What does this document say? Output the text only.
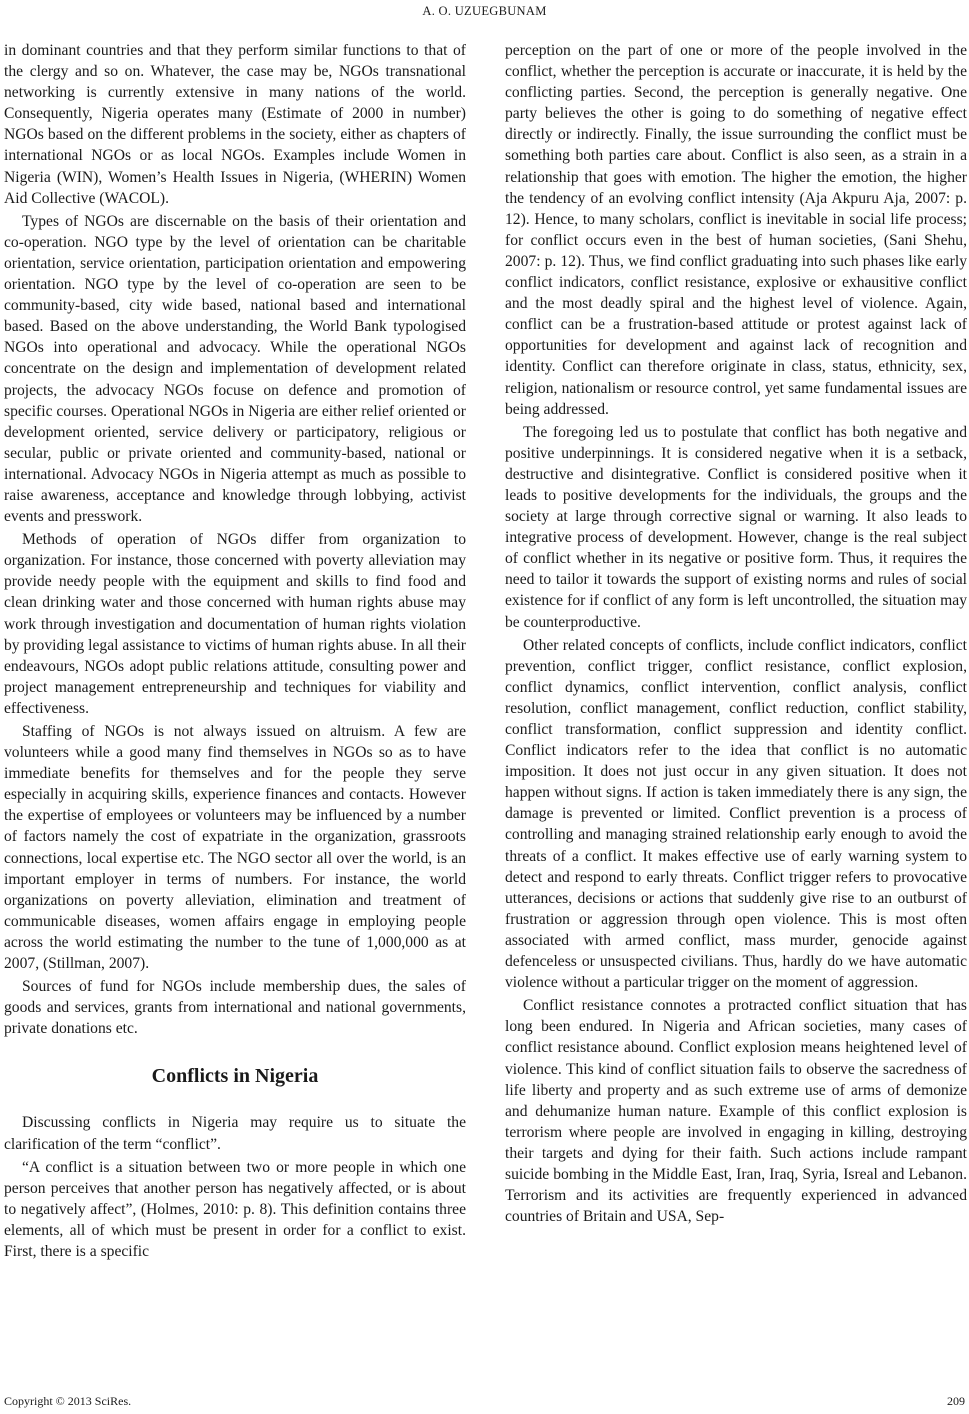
A. O. UZUEGBUNAM

in dominant countries and that they perform similar functions to that of the clergy and so on. Whatever, the case may be, NGOs transnational networking is currently extensive in many nations of the world. Consequently, Nigeria operates many (Estimate of 2000 in number) NGOs based on the different problems in the society, either as chapters of international NGOs or as local NGOs. Examples include Women in Nigeria (WIN), Women’s Health Issues in Nigeria, (WHERIN) Women Aid Collective (WACOL).

Types of NGOs are discernable on the basis of their orientation and co-operation. NGO type by the level of orientation can be charitable orientation, service orientation, participation orientation and empowering orientation. NGO type by the level of co-operation are seen to be community-based, city wide based, national based and international based. Based on the above understanding, the World Bank typologised NGOs into operational and advocacy. While the operational NGOs concentrate on the design and implementation of development related projects, the advocacy NGOs focuse on defence and promotion of specific courses. Operational NGOs in Nigeria are either relief oriented or development oriented, service delivery or participatory, religious or secular, public or private oriented and community-based, national or international. Advocacy NGOs in Nigeria attempt as much as possible to raise awareness, acceptance and knowledge through lobbying, activist events and presswork.

Methods of operation of NGOs differ from organization to organization. For instance, those concerned with poverty alleviation may provide needy people with the equipment and skills to find food and clean drinking water and those concerned with human rights abuse may work through investigation and documentation of human rights violation by providing legal assistance to victims of human rights abuse. In all their endeavours, NGOs adopt public relations attitude, consulting power and project management entrepreneurship and techniques for viability and effectiveness.

Staffing of NGOs is not always issued on altruism. A few are volunteers while a good many find themselves in NGOs so as to have immediate benefits for themselves and for the people they serve especially in acquiring skills, experience finances and contacts. However the expertise of employees or volunteers may be influenced by a number of factors namely the cost of expatriate in the organization, grassroots connections, local expertise etc. The NGO sector all over the world, is an important employer in terms of numbers. For instance, the world organizations on poverty alleviation, elimination and treatment of communicable diseases, women affairs engage in employing people across the world estimating the number to the tune of 1,000,000 as at 2007, (Stillman, 2007).

Sources of fund for NGOs include membership dues, the sales of goods and services, grants from international and national governments, private donations etc.

Conflicts in Nigeria

Discussing conflicts in Nigeria may require us to situate the clarification of the term “conflict”.

“A conflict is a situation between two or more people in which one person perceives that another person has negatively affected, or is about to negatively affect”, (Holmes, 2010: p. 8). This definition contains three elements, all of which must be present in order for a conflict to exist. First, there is a specific

perception on the part of one or more of the people involved in the conflict, whether the perception is accurate or inaccurate, it is held by the conflicting parties. Second, the perception is generally negative. One party believes the other is going to do something of negative effect directly or indirectly. Finally, the issue surrounding the conflict must be something both parties care about. Conflict is also seen, as a strain in a relationship that goes with emotion. The higher the emotion, the higher the tendency of an evolving conflict intensity (Aja Akpuru Aja, 2007: p. 12). Hence, to many scholars, conflict is inevitable in social life process; for conflict occurs even in the best of human societies, (Sani Shehu, 2007: p. 12). Thus, we find conflict graduating into such phases like early conflict indicators, conflict resistance, explosive or exhausitive conflict and the most deadly spiral and the highest level of violence. Again, conflict can be a frustration-based attitude or protest against lack of opportunities for development and against lack of recognition and identity. Conflict can therefore originate in class, status, ethnicity, sex, religion, nationalism or resource control, yet same fundamental issues are being addressed.

The foregoing led us to postulate that conflict has both negative and positive underpinnings. It is considered negative when it is a setback, destructive and disintegrative. Conflict is considered positive when it leads to positive developments for the individuals, the groups and the society at large through corrective signal or warning. It also leads to integrative process of development. However, change is the real subject of conflict whether in its negative or positive form. Thus, it requires the need to tailor it towards the support of existing norms and rules of social existence for if conflict of any form is left uncontrolled, the situation may be counterproductive.

Other related concepts of conflicts, include conflict indicators, conflict prevention, conflict trigger, conflict resistance, conflict explosion, conflict dynamics, conflict intervention, conflict analysis, conflict resolution, conflict management, conflict reduction, conflict stability, conflict transformation, conflict suppression and identity conflict. Conflict indicators refer to the idea that conflict is no automatic imposition. It does not just occur in any given situation. It does not happen without signs. If action is taken immediately there is any sign, the damage is prevented or limited. Conflict prevention is a process of controlling and managing strained relationship early enough to avoid the threats of a conflict. It makes effective use of early warning system to detect and respond to early threats. Conflict trigger refers to provocative utterances, decisions or actions that suddenly give rise to an outburst of frustration or aggression through open violence. This is most often associated with armed conflict, mass murder, genocide against defenceless or unsuspected civilians. Thus, hardly do we have automatic violence without a particular trigger on the moment of aggression.

Conflict resistance connotes a protracted conflict situation that has long been endured. In Nigeria and African societies, many cases of conflict resistance abound. Conflict explosion means heightened level of violence. This kind of conflict situation fails to observe the sacredness of life liberty and property and as such extreme use of arms of demonize and dehumanize human nature. Example of this conflict explosion is terrorism where people are involved in engaging in killing, destroying their targets and dying for their faith. Such actions include rampant suicide bombing in the Middle East, Iran, Iraq, Syria, Isreal and Lebanon. Terrorism and its activities are frequently experienced in advanced countries of Britain and USA, Sep-

Copyright © 2013 SciRes.	209
